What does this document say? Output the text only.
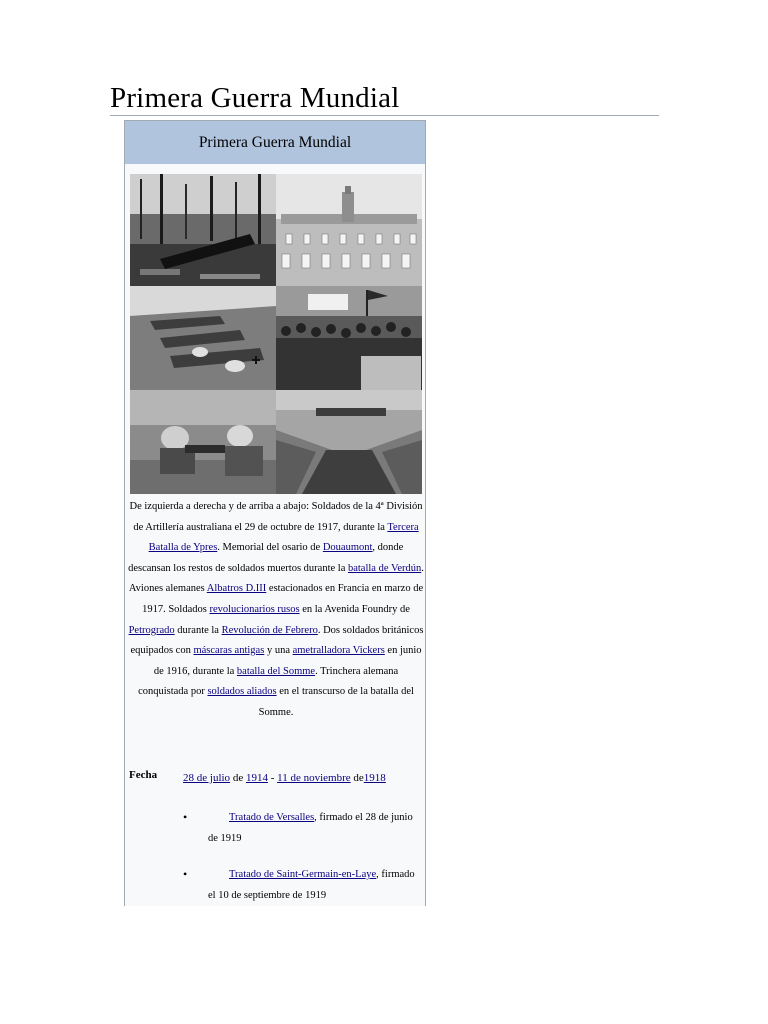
Primera Guerra Mundial
Primera Guerra Mundial
De izquierda a derecha y de arriba a abajo: Soldados de la 4ª División de Artillería australiana el 29 de octubre de 1917, durante la Tercera Batalla de Ypres. Memorial del osario de Douaumont, donde descansan los restos de soldados muertos durante la batalla de Verdún. Aviones alemanes Albatros D.III estacionados en Francia en marzo de 1917. Soldados revolucionarios rusos en la Avenida Foundry de Petrogrado durante la Revolución de Febrero. Dos soldados británicos equipados con máscaras antigas y una ametralladora Vickers en junio de 1916, durante la batalla del Somme. Trinchera alemana conquistada por soldados aliados en el transcurso de la batalla del Somme.
Fecha 28 de julio de 1914 - 11 de noviembre de1918
•	Tratado de Versalles, firmado el 28 de junio de 1919
•	Tratado de Saint-Germain-en-Laye, firmado el 10 de septiembre de 1919
